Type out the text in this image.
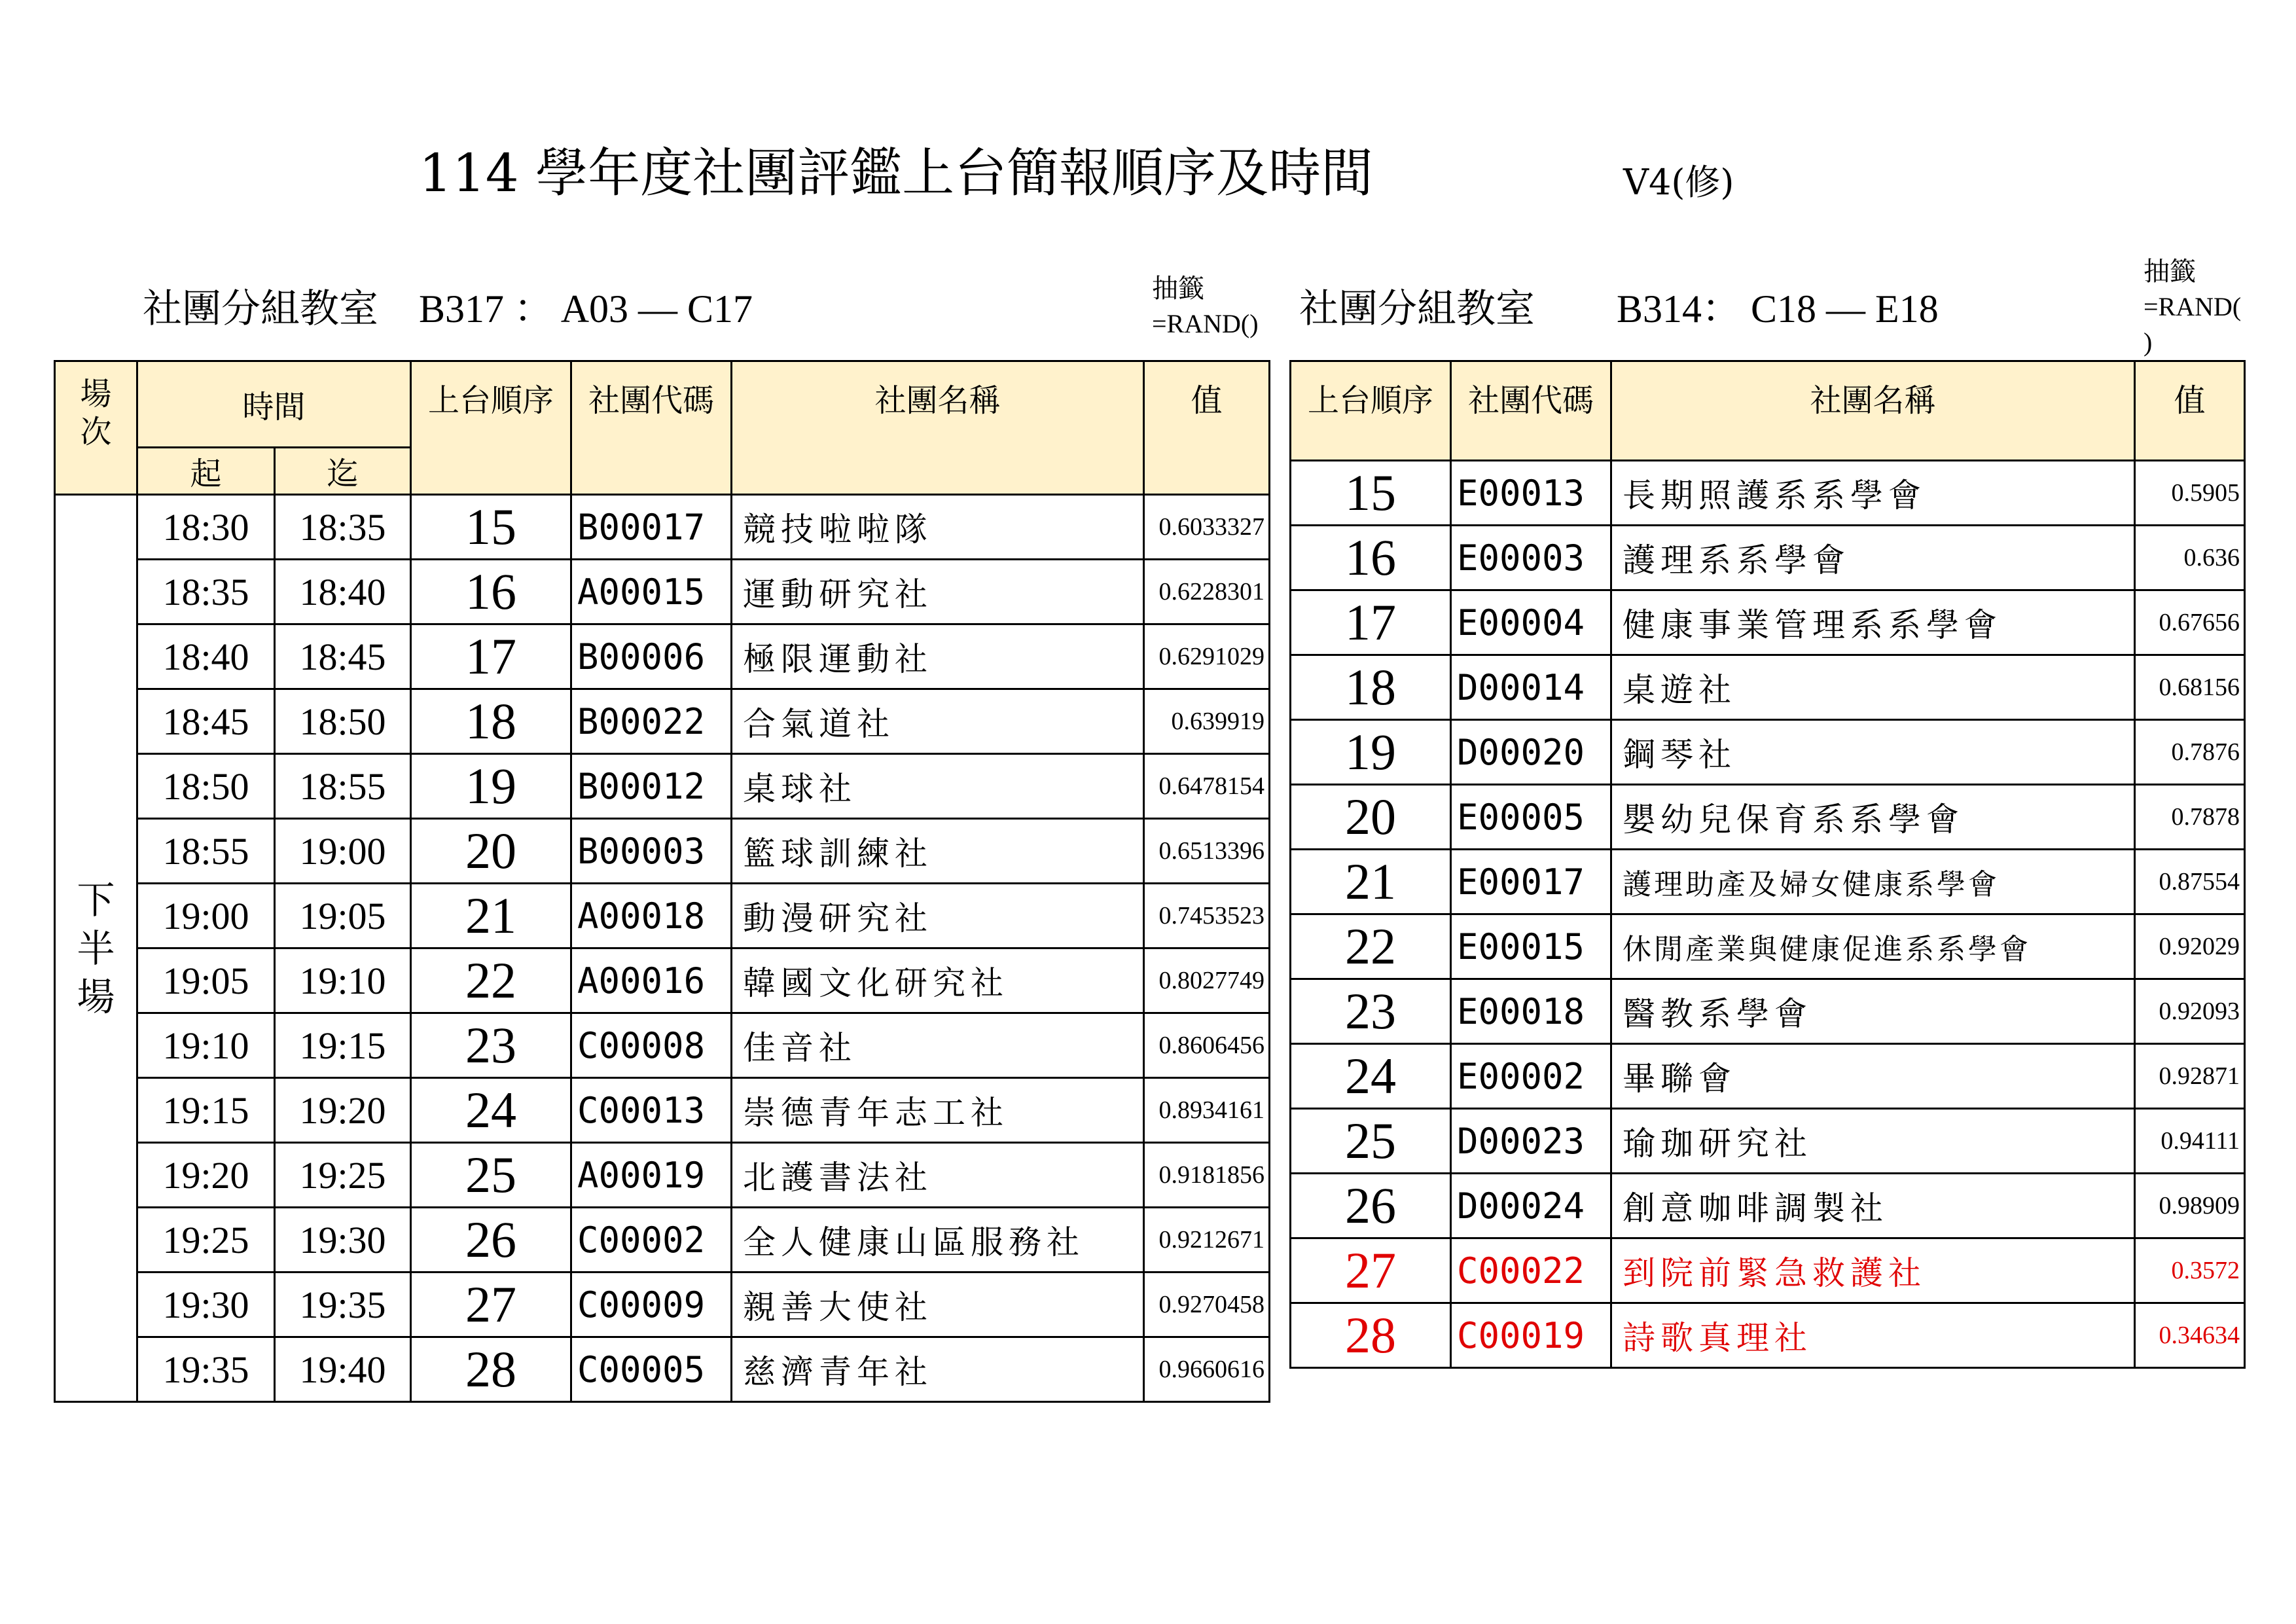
114 學年度社團評鑑上台簡報順序及時間	V4(修)
社團分組教室 B317 ： A03 — C17	抽籤
=RAND() 社團分組教室 B314： C18 — E18
抽籤
=RAND(
)
場
次	時間		上台順序	社團代碼	社團名稱	值
	起	迄				
下
半
場	18:30	18:35	15	B00017	競技啦啦隊	0.6033327
	18:35	18:40	16	A00015	運動研究社	0.6228301
	18:40	18:45	17	B00006	極限運動社	0.6291029
	18:45	18:50	18	B00022	合氣道社	0.639919
	18:50	18:55	19	B00012	桌球社	0.6478154
	18:55	19:00	20	B00003	籃球訓練社	0.6513396
	19:00	19:05	21	A00018	動漫研究社	0.7453523
	19:05	19:10	22	A00016	韓國文化研究社	0.8027749
	19:10	19:15	23	C00008	佳音社	0.8606456
	19:15	19:20	24	C00013	崇德青年志工社	0.8934161
	19:20	19:25	25	A00019	北護書法社	0.9181856
	19:25	19:30	26	C00002	全人健康山區服務社	0.9212671
	19:30	19:35	27	C00009	親善大使社	0.9270458
	19:35	19:40	28	C00005	慈濟青年社	0.9660616
上台順序	社團代碼	社團名稱	值

15	E00013	長期照護系系學會	0.5905
16	E00003	護理系系學會	0.636
17	E00004	健康事業管理系系學會	0.67656
18	D00014	桌遊社	0.68156
19	D00020	鋼琴社	0.7876
20	E00005	嬰幼兒保育系系學會	0.7878
21	E00017	護理助產及婦女健康系學會	0.87554
22	E00015	休閒產業與健康促進系系學會	0.92029
23	E00018	醫教系學會	0.92093
24	E00002	畢聯會	0.92871
25	D00023	瑜珈研究社	0.94111
26	D00024	創意咖啡調製社	0.98909
27	C00022	到院前緊急救護社	0.3572
28	C00019	詩歌真理社	0.34634
